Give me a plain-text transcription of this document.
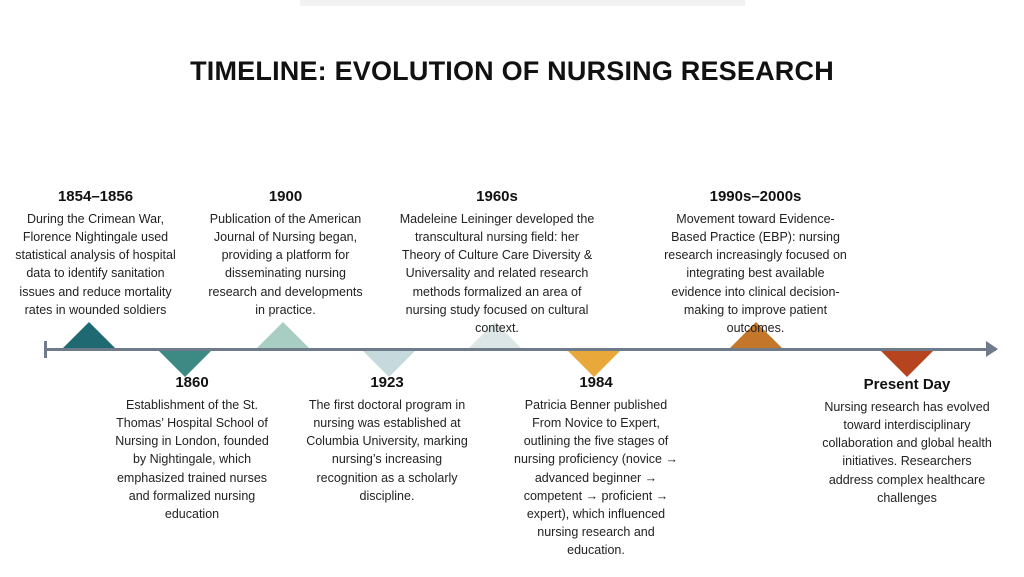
TIMELINE: EVOLUTION OF NURSING RESEARCH
1854–1856
During the Crimean War, Florence Nightingale used statistical analysis of hospital data to identify sanitation issues and reduce mortality rates in wounded soldiers
1900
Publication of the American Journal of Nursing began, providing a platform for disseminating nursing research and developments in practice.
1960s
Madeleine Leininger developed the transcultural nursing field: her Theory of Culture Care Diversity & Universality and related research methods formalized an area of nursing study focused on cultural context.
1990s–2000s
Movement toward Evidence-Based Practice (EBP): nursing research increasingly focused on integrating best available evidence into clinical decision-making to improve patient outcomes.
1860
Establishment of the St. Thomas’ Hospital School of Nursing in London, founded by Nightingale, which emphasized trained nurses and formalized nursing education
1923
The first doctoral program in nursing was established at Columbia University, marking nursing’s increasing recognition as a scholarly discipline.
1984
Patricia Benner published From Novice to Expert, outlining the five stages of nursing proficiency (novice → advanced beginner → competent → proficient → expert), which influenced nursing research and education.
Present Day
Nursing research has evolved toward interdisciplinary collaboration and global health initiatives. Researchers address complex healthcare challenges
